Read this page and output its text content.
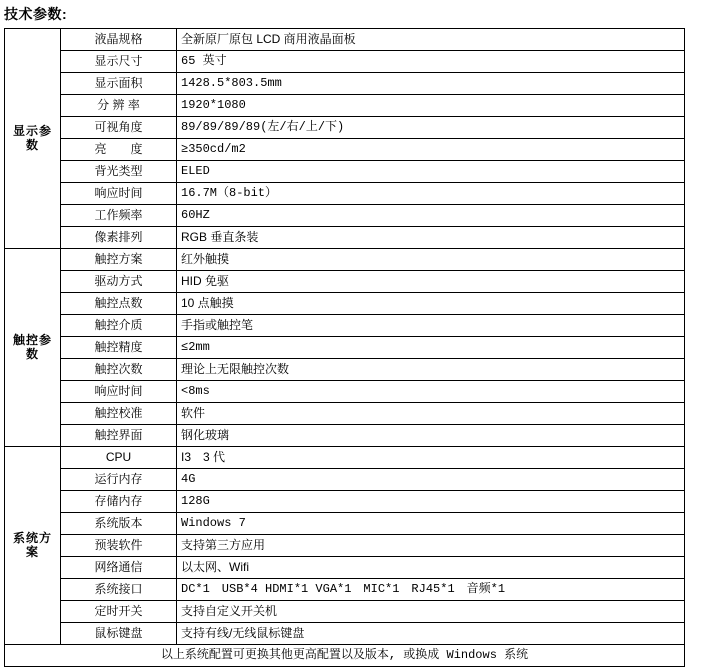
技术参数:
显示参数	液晶规格	全新原厂原包 LCD 商用液晶面板
	显示尺寸	65 英寸
	显示面积	1428.5*803.5mm
	分 辨 率	1920*1080
	可视角度	89/89/89/89(左/右/上/下)
	亮　　度	≥350cd/m2
	背光类型	ELED
	响应时间	16.7M（8-bit）
	工作频率	60HZ
	像素排列	RGB 垂直条装
触控参数	触控方案	红外触摸
	驱动方式	HID 免驱
	触控点数	10 点触摸
	触控介质	手指或触控笔
	触控精度	≤2mm
	触控次数	理论上无限触控次数
	响应时间	<8ms
	触控校准	软件
	触控界面	钢化玻璃
系统方案	CPU	I3　3 代
	运行内存	4G
	存储内存	128G
	系统版本	Windows 7
	预装软件	支持第三方应用
	网络通信	以太网、Wifi
	系统接口	DC*1　USB*4 HDMI*1 VGA*1　MIC*1　RJ45*1　音频*1
	定时开关	支持自定义开关机
	鼠标键盘	支持有线/无线鼠标键盘
以上系统配置可更换其他更高配置以及版本, 或换成 Windows 系统		
